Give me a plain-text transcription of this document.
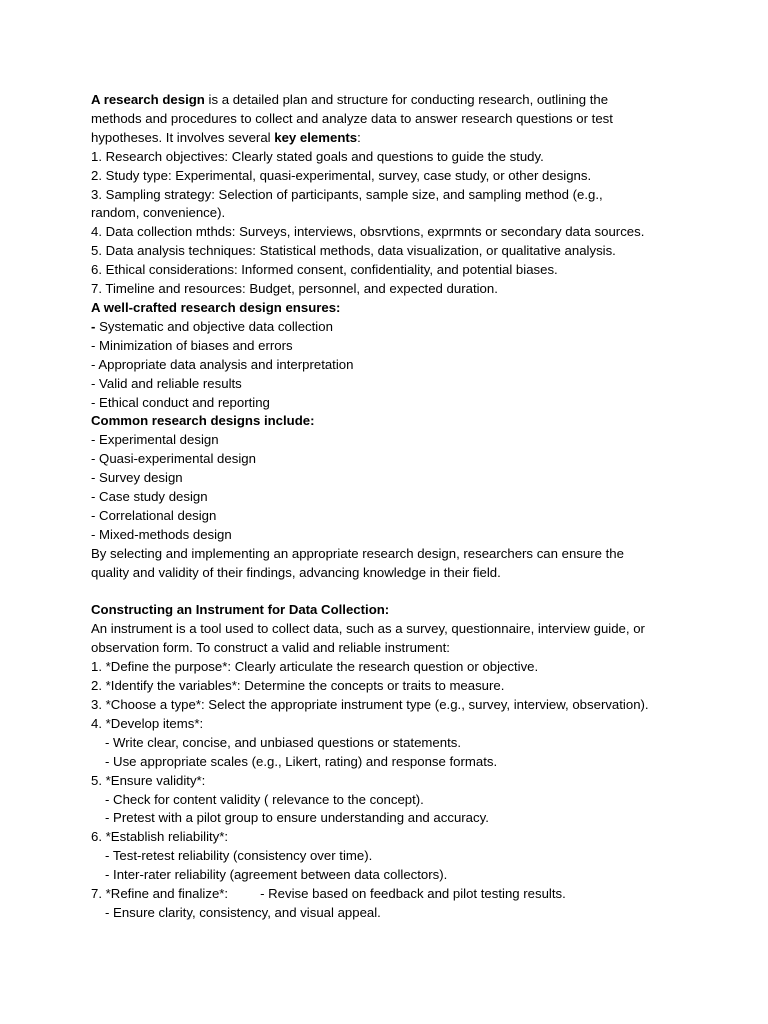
A research design is a detailed plan and structure for conducting research, outlining the
methods and procedures to collect and analyze data to answer research questions or test
hypotheses. It involves several key elements:
1. Research objectives: Clearly stated goals and questions to guide the study.
2. Study type: Experimental, quasi-experimental, survey, case study, or other designs.
3. Sampling strategy: Selection of participants, sample size, and sampling method (e.g.,
random, convenience).
4. Data collection mthds: Surveys, interviews, obsrvtions, exprmnts or secondary data sources.
5. Data analysis techniques: Statistical methods, data visualization, or qualitative analysis.
6. Ethical considerations: Informed consent, confidentiality, and potential biases.
7. Timeline and resources: Budget, personnel, and expected duration.
A well-crafted research design ensures:
- Systematic and objective data collection
- Minimization of biases and errors
- Appropriate data analysis and interpretation
- Valid and reliable results
- Ethical conduct and reporting
Common research designs include:
- Experimental design
- Quasi-experimental design
- Survey design
- Case study design
- Correlational design
- Mixed-methods design
By selecting and implementing an appropriate research design, researchers can ensure the
quality and validity of their findings, advancing knowledge in their field.
Constructing an Instrument for Data Collection:
An instrument is a tool used to collect data, such as a survey, questionnaire, interview guide, or
observation form. To construct a valid and reliable instrument:
1. *Define the purpose*: Clearly articulate the research question or objective.
2. *Identify the variables*: Determine the concepts or traits to measure.
3. *Choose a type*: Select the appropriate instrument type (e.g., survey, interview, observation).
4. *Develop items*:
- Write clear, concise, and unbiased questions or statements.
- Use appropriate scales (e.g., Likert, rating) and response formats.
5. *Ensure validity*:
- Check for content validity ( relevance to the concept).
- Pretest with a pilot group to ensure understanding and accuracy.
6. *Establish reliability*:
- Test-retest reliability (consistency over time).
- Inter-rater reliability (agreement between data collectors).
7. *Refine and finalize*: - Revise based on feedback and pilot testing results.
- Ensure clarity, consistency, and visual appeal.
